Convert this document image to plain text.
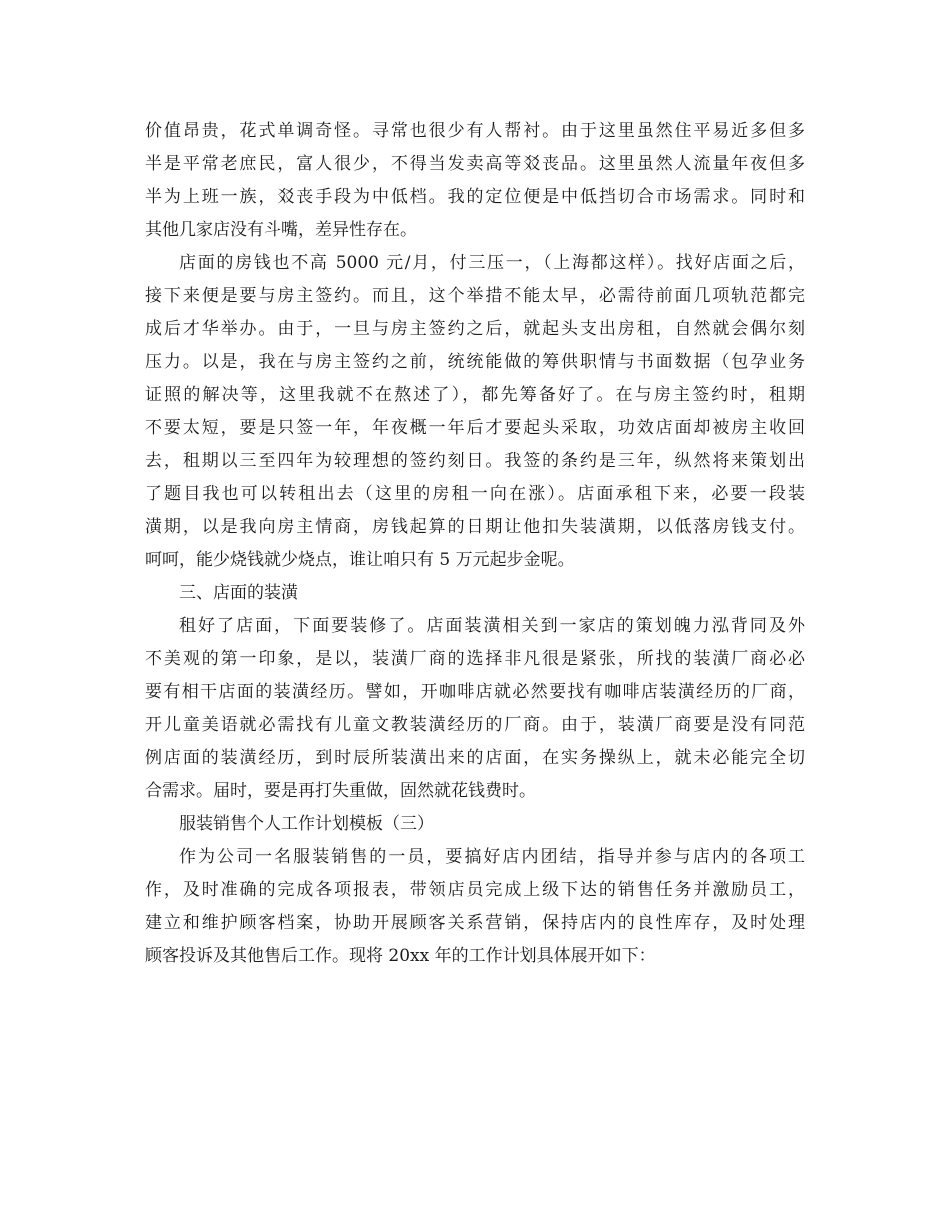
价值昂贵，花式单调奇怪。寻常也很少有人帮衬。由于这里虽然住平易近多但多
半是平常老庶民，富人很少，不得当发卖高等㸚丧品。这里虽然人流量年夜但多
半为上班一族，㸚丧手段为中低档。我的定位便是中低挡切合市场需求。同时和
其他几家店没有斗嘴，差异性存在。
店面的房钱也不高 5000 元/月，付三压一，（上海都这样）。找好店面之后，
接下来便是要与房主签约。而且，这个举措不能太早，必需待前面几项轨范都完
成后才华举办。由于，一旦与房主签约之后，就起头支出房租，自然就会偶尔刻
压力。以是，我在与房主签约之前，统统能做的筹供职情与书面数据（包孕业务
证照的解决等，这里我就不在熬述了），都先筹备好了。在与房主签约时，租期
不要太短，要是只签一年，年夜概一年后才要起头采取，功效店面却被房主收回
去，租期以三至四年为较理想的签约刻日。我签的条约是三年，纵然将来策划出
了题目我也可以转租出去（这里的房租一向在涨）。店面承租下来，必要一段装
潢期，以是我向房主情商，房钱起算的日期让他扣失装潢期，以低落房钱支付。
呵呵，能少烧钱就少烧点，谁让咱只有 5 万元起步金呢。
三、店面的装潢
租好了店面，下面要装修了。店面装潢相关到一家店的策划魄力泓背同及外
不美观的第一印象，是以，装潢厂商的选择非凡很是紧张，所找的装潢厂商必必
要有相干店面的装潢经历。譬如，开咖啡店就必然要找有咖啡店装潢经历的厂商，
开儿童美语就必需找有儿童文教装潢经历的厂商。由于，装潢厂商要是没有同范
例店面的装潢经历，到时辰所装潢出来的店面，在实务操纵上，就未必能完全切
合需求。届时，要是再打失重做，固然就花钱费时。
服装销售个人工作计划模板（三）
作为公司一名服装销售的一员，要搞好店内团结，指导并参与店内的各项工
作，及时准确的完成各项报表，带领店员完成上级下达的销售任务并激励员工，
建立和维护顾客档案，协助开展顾客关系营销，保持店内的良性库存，及时处理
顾客投诉及其他售后工作。现将 20xx 年的工作计划具体展开如下：
